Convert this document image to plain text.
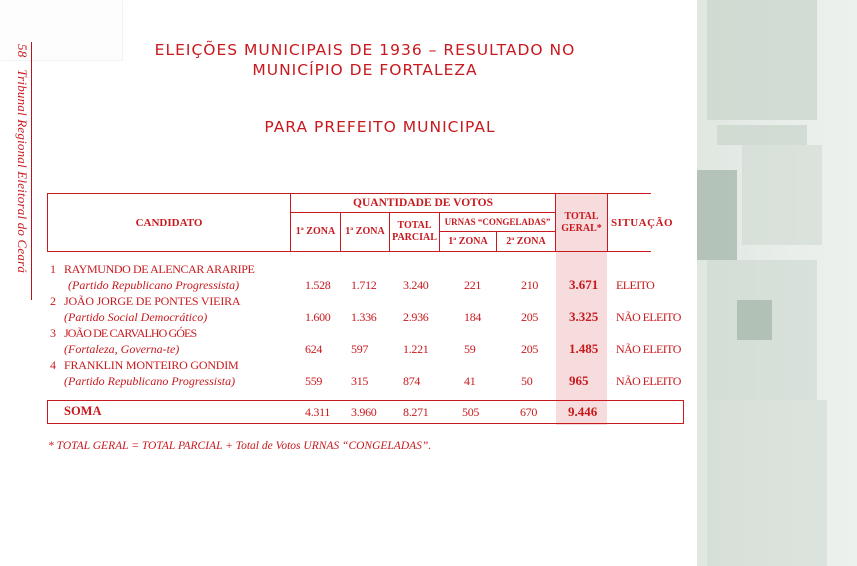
58Tribunal Regional Eleitoral do Ceará
ELEIÇÕES MUNICIPAIS DE 1936 – RESULTADO NO
MUNICÍPIO DE FORTALEZA
PARA PREFEITO MUNICIPAL
CANDIDATO
QUANTIDADE DE VOTOS
1ª ZONA	1ª ZONA
TOTAL
PARCIAL
URNAS “CONGELADAS”
1ª ZONA	2ª ZONA
TOTAL
GERAL* SITUAÇÃO
1 RAYMUNDO DE ALENCAR ARARIPE
(Partido Republicano Progressista)	1.528 1.712 3.240	221	210 3.671 ELEITO
2 JOÃO JORGE DE PONTES VIEIRA
(Partido Social Democrático)	1.600 1.336 2.936	184	205 3.325 NÃO ELEITO
3 JOÃO DE CARVALHO GÓES
(Fortaleza, Governa-te)	624 597	1.221	59	205 1.485 NÃO ELEITO
4 FRANKLIN MONTEIRO GONDIM
(Partido Republicano Progressista)	559 315	874	41	50	965 NÃO ELEITO
SOMA	4.311 3.960 8.271	505	670 9.446
* TOTAL GERAL = TOTAL PARCIAL + Total de Votos URNAS “CONGELADAS”.
